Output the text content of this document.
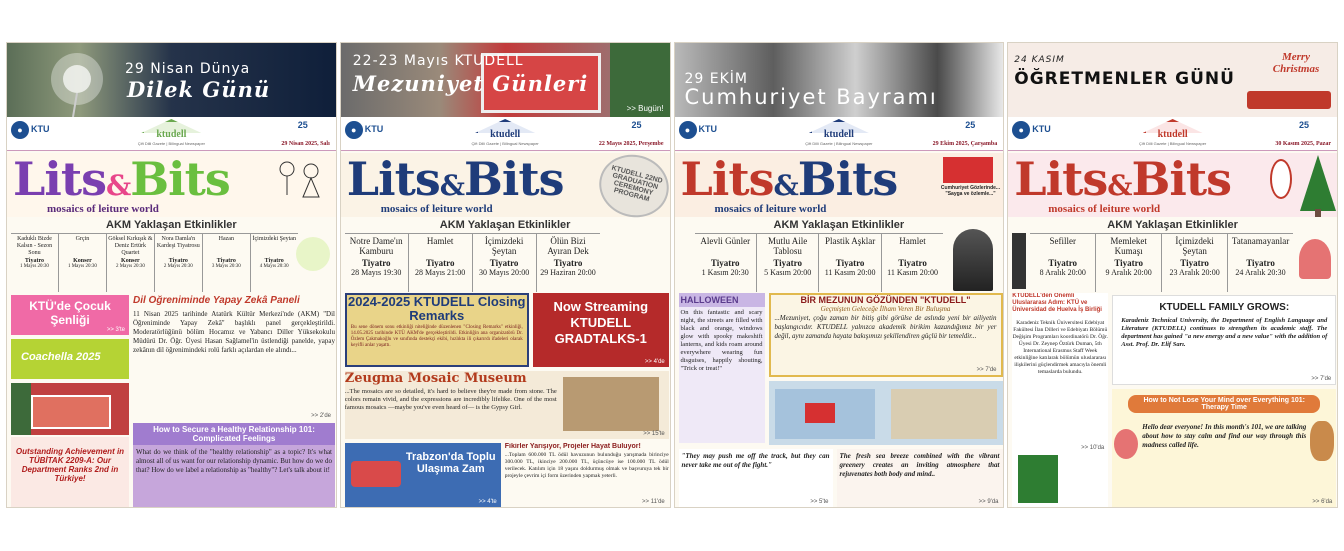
29 Nisan Dünya
Dilek Günü
● KTU	ktudell
Çift Dilli Gazete | Bilingual Newspaper
25
29 Nisan 2025, Salı
Lits&Bits
mosaics of leiture world
AKM Yaklaşan Etkinlikler
Kaduklı Bizde Kalsın - Sezon Sonu
Tiyatro
1 Mayıs 20:30
Grçin
Konser
1 Mayıs 20:30
Göksel Kırkışık & Deniz Ertürk Quartet
Konser
2 Mayıs 20:30
Nora Damla'n Kardeşi Tiyatrosu
Tiyatro
2 Mayıs 20:30
Hazan
Tiyatro
3 Mayıs 20:30
İçimizdeki Şeytan
Tiyatro
4 Mayıs 20:30
KTÜ'de Çocuk Şenliği
>> 3'te
Coachella 2025
Outstanding Achievement in TÜBİTAK 2209-A: Our Department Ranks 2nd in Türkiye!
Dil Öğreniminde Yapay Zekâ Paneli
11 Nisan 2025 tarihinde Atatürk Kültür Merkezi'nde (AKM) "Dil Öğreniminde Yapay Zekâ" başlıklı panel gerçekleştirildi. Moderatörlüğünü bölüm Hocamız ve Yabancı Diller Yüksekokulu Müdürü Dr. Öğr. Üyesi Hasan Sağlamel'in üstlendiği panelde, yapay zekânın dil öğrenimindeki rolü farklı açılardan ele alındı...
>> 2'de
How to Secure a Healthy Relationship 101: Complicated Feelings
What do we think of the "healthy relationship" as a topic? It's what almost all of us want for our relationship dynamic. But how do we do that? How do we label a relationship as "healthy"? Let's talk about it!
22-23 Mayıs KTUDELL
Mezuniyet Günleri
>> Bugün!
● KTU	ktudell
Çift Dilli Gazete | Bilingual Newspaper
25
22 Mayıs 2025, Perşembe
Lits&Bits
mosaics of leiture world
KTUDELL 22ND GRADUATION CEREMONY PROGRAM
AKM Yaklaşan Etkinlikler
Notre Dame'ın Kamburu
Tiyatro
28 Mayıs 19:30
Hamlet
Tiyatro
28 Mayıs 21:00
İçimizdeki Şeytan
Tiyatro
30 Mayıs 20:00
Ölün Bizi Ayıran Dek
Tiyatro
29 Haziran 20:00
2024-2025 KTUDELL Closing Remarks
Bu sene dönem sonu etkinliği niteliğinde düzenlenen "Closing Remarks" etkinliği, 14.05.2025 tarihinde KTÜ AKM'de gerçekleştirildi. Etkinliğin ana organizatörü Dr. Özlem Çakmakoğlu ve sınıfında destekçi ekibi, hızlıkta ili çıkarırdı ifadeleri olarak keyifli anlar yaşattı.
Now Streaming KTUDELL GRADTALKS-1
>> 4'de
Zeugma Mosaic Museum
...The mosaics are so detailed, it's hard to believe they're made from stone. The colors remain vivid, and the expressions are incredibly lifelike. One of the most famous mosaics —maybe you've even heard of— is the Gypsy Girl.
>> 15'te
Trabzon'da Toplu Ulaşıma Zam
>> 4'te
Fikirler Yarışıyor, Projeler Hayat Buluyor!
...Toplam 600.000 TL ödül havuzunun bulunduğu yarışmada birinciye 300.000 TL, ikinciye 200.000 TL, üçüncüye ise 100.000 TL ödül verilecek. Katılım için 18 yaşını doldurmuş olmak ve başvuruya tek bir projeyle çevrim içi form üzerinden yapmak yeterli.
>> 11'de
29 EKİM
Cumhuriyet Bayramı
● KTU	ktudell
Çift Dilli Gazete | Bilingual Newspaper
25
29 Ekim 2025, Çarşamba
Lits&Bits
mosaics of leiture world
Cumhuriyet Gözlerinde... "Sayga ve özlemle..."
AKM Yaklaşan Etkinlikler
Alevli Günler
Tiyatro
1 Kasım 20:30
Mutlu Aile Tablosu
Tiyatro
5 Kasım 20:00
Plastik Aşklar
Tiyatro
11 Kasım 20:00
Hamlet
Tiyatro
11 Kasım 20:00
HALLOWEEN
On this fantastic and scary night, the streets are filled with black and orange, windows glow with spooky makeshift lanterns, and kids roam around everywhere wearing fun disguises, happily shouting, "Trick or treat!"
BİR MEZUNUN GÖZÜNDEN "KTUDELL"
Geçmişten Geleceğe İlham Veren Bir Buluşma
...Mezuniyet, çoğu zaman bir bitiş gibi görülse de aslında yeni bir ailiyetin başlangıcıdır. KTUDELL yalnızca akademik birikim kazandığımız bir yer değil, aynı zamanda hayata bakışımızı şekillendiren güçlü bir temeldir...
>> 7'de
"They may push me off the track, but they can never take me out of the fight."
>> 5'te
The fresh sea breeze combined with the vibrant greenery creates an inviting atmosphere that rejuvenates both body and mind..
>> 9'da
24 KASIM
ÖĞRETMENLER GÜNÜ
Merry Christmas
● KTU	ktudell
Çift Dilli Gazete | Bilingual Newspaper
25
30 Kasım 2025, Pazar
Lits&Bits
mosaics of leiture world
AKM Yaklaşan Etkinlikler
Sefiller
Tiyatro
8 Aralık 20:00
Memleket Kumaşı
Tiyatro
9 Aralık 20:00
İçimizdeki Şeytan
Tiyatro
23 Aralık 20:00
Tatanamayanlar
Tiyatro
24 Aralık 20:30
KTUDELL'den Önemli Uluslararası Adım: KTÜ ve Üniversidad de Huelva İş Birliği
Karadeniz Teknik Üniversitesi Edebiyat Fakültesi İlan Dilleri ve Edebiyatı Bölümü Değişim Programları koordinatörü Dr. Öğr. Üyesi Dr. Zeynep Öztürk Duman, 5th International Erasmus Staff Week etkinliğine katılarak bölümün uluslararası ilişkilerini güçlendirmek amacıyla önemli temaslarda bulundu.
>> 10'da
KTUDELL FAMILY GROWS:
Karadeniz Technical University, the Department of English Language and Literature (KTUDELL) continues to strengthen its academic staff. The department has gained "a new energy and a new value" with the addition of Asst. Prof. Dr. Elif Sarı.
>> 7'de
How to Not Lose Your Mind over Everything 101: Therapy Time
Hello dear everyone! In this month's 101, we are talking about how to stay calm and find our way through this madness called life.
>> 6'da
